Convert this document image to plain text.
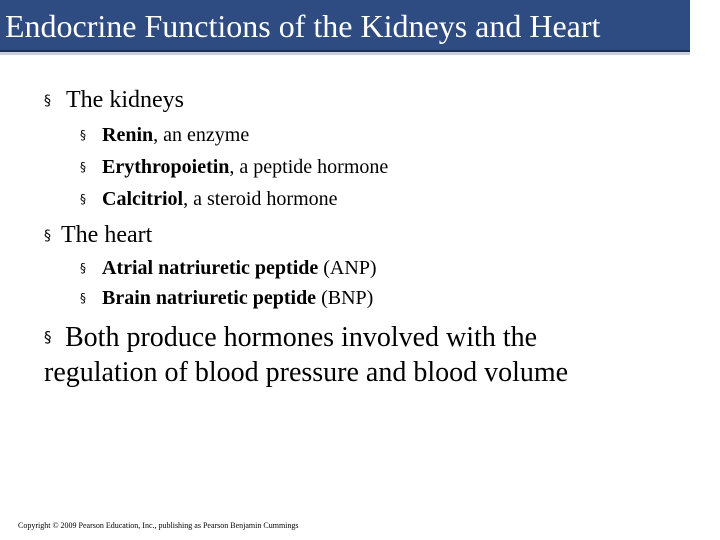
Endocrine Functions of the Kidneys and Heart
§ The kidneys
§ Renin, an enzyme
§ Erythropoietin, a peptide hormone
§ Calcitriol, a steroid hormone
§ The heart
§ Atrial natriuretic peptide (ANP)
§ Brain natriuretic peptide (BNP)
§ Both produce hormones involved with the regulation of blood pressure and blood volume
Copyright © 2009 Pearson Education, Inc., publishing as Pearson Benjamin Cummings
